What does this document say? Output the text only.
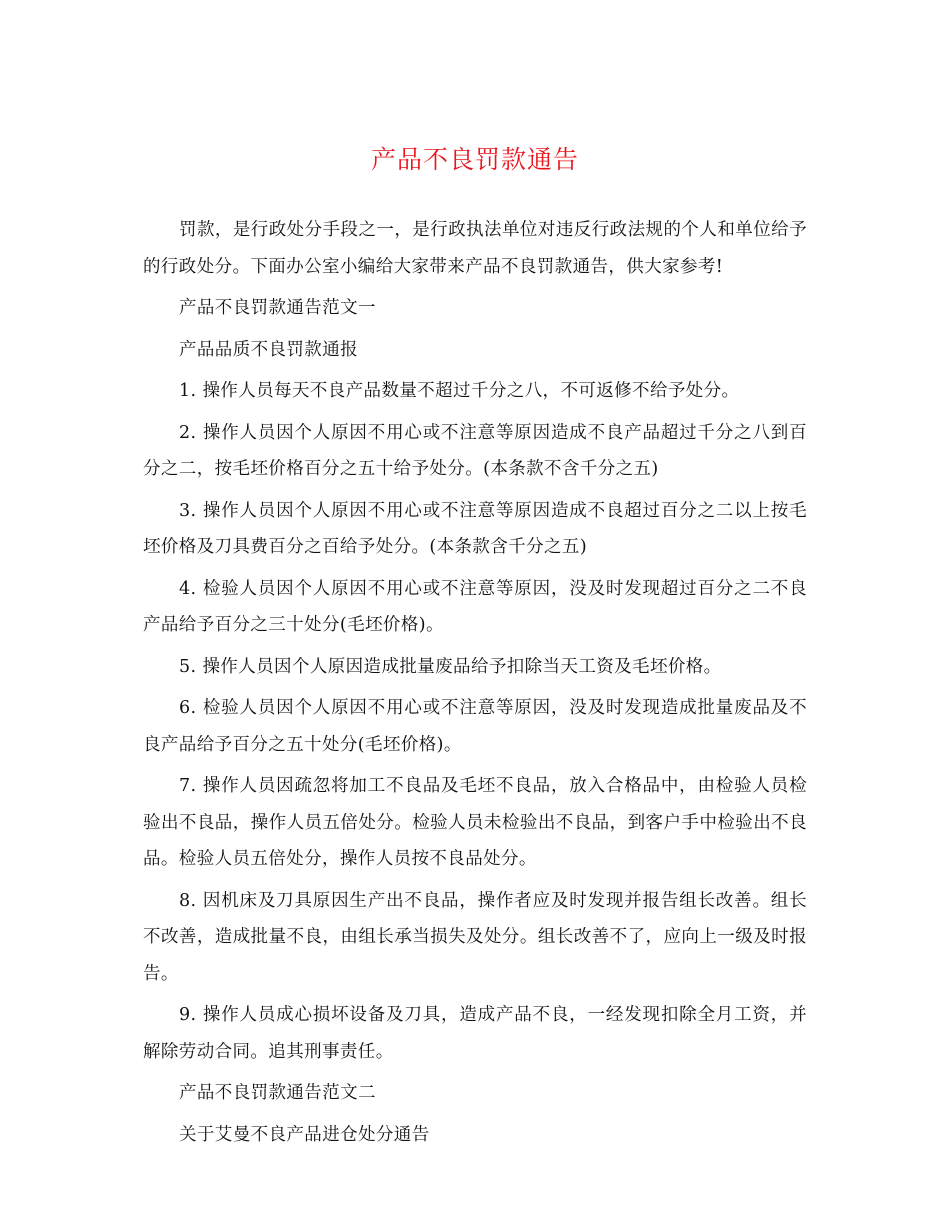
产品不良罚款通告

罚款，是行政处分手段之一，是行政执法单位对违反行政法规的个人和单位给予的行政处分。下面办公室小编给大家带来产品不良罚款通告，供大家参考!

产品不良罚款通告范文一

产品品质不良罚款通报

1. 操作人员每天不良产品数量不超过千分之八，不可返修不给予处分。

2. 操作人员因个人原因不用心或不注意等原因造成不良产品超过千分之八到百分之二，按毛坯价格百分之五十给予处分。(本条款不含千分之五)

3. 操作人员因个人原因不用心或不注意等原因造成不良超过百分之二以上按毛坯价格及刀具费百分之百给予处分。(本条款含千分之五)

4. 检验人员因个人原因不用心或不注意等原因，没及时发现超过百分之二不良产品给予百分之三十处分(毛坯价格)。

5. 操作人员因个人原因造成批量废品给予扣除当天工资及毛坯价格。

6. 检验人员因个人原因不用心或不注意等原因，没及时发现造成批量废品及不良产品给予百分之五十处分(毛坯价格)。

7. 操作人员因疏忽将加工不良品及毛坯不良品，放入合格品中，由检验人员检验出不良品，操作人员五倍处分。检验人员未检验出不良品，到客户手中检验出不良品。检验人员五倍处分，操作人员按不良品处分。

8. 因机床及刀具原因生产出不良品，操作者应及时发现并报告组长改善。组长不改善，造成批量不良，由组长承当损失及处分。组长改善不了，应向上一级及时报告。

9. 操作人员成心损坏设备及刀具，造成产品不良，一经发现扣除全月工资，并解除劳动合同。追其刑事责任。

产品不良罚款通告范文二

关于艾曼不良产品进仓处分通告
